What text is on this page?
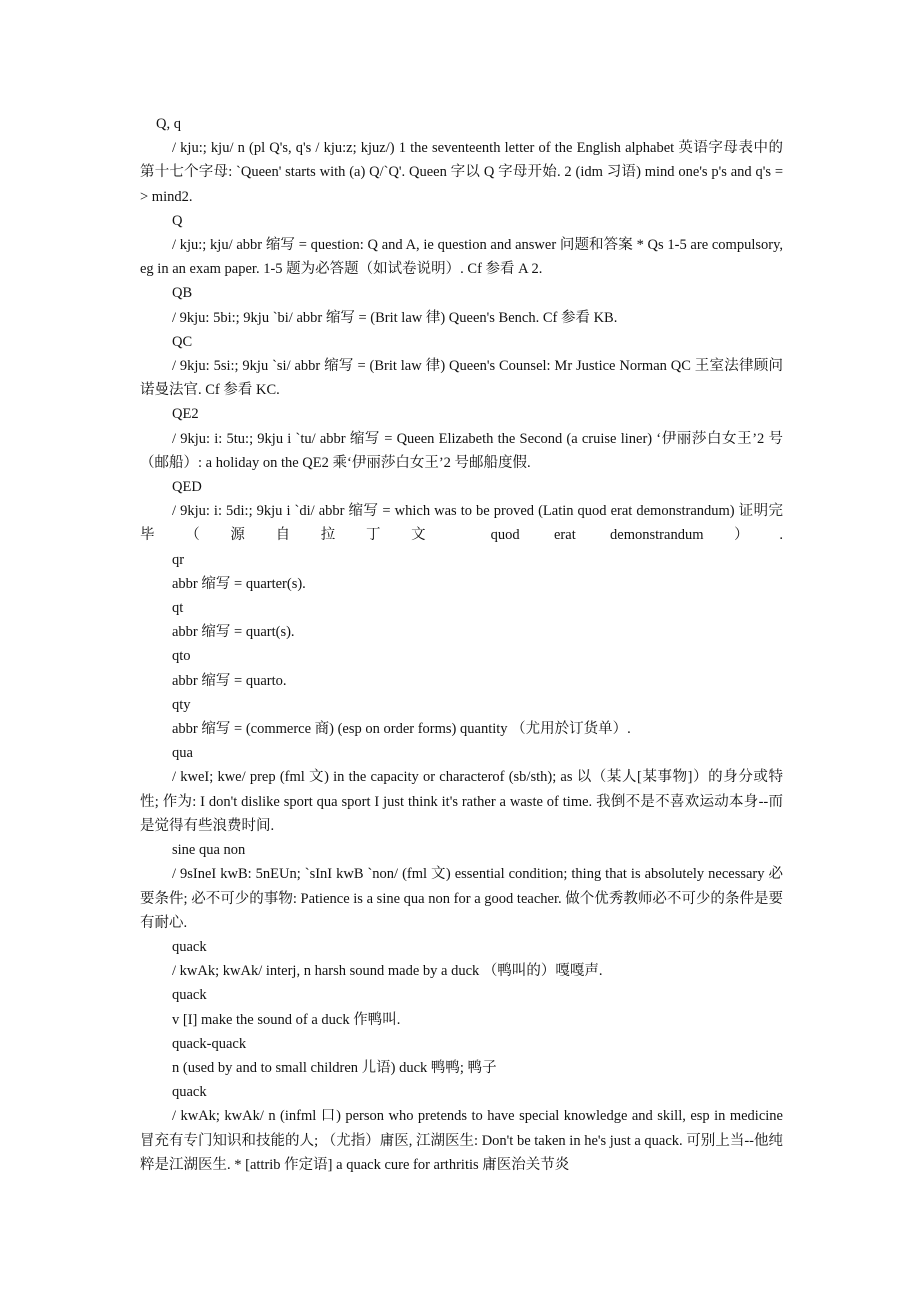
Q, q
/ kju:; kju/ n (pl Q's, q's / kju:z; kjuz/) 1 the seventeenth letter of the English alphabet 英语字母表中的第十七个字母: `Queen' starts with (a) Q/`Q'. Queen 字以 Q 字母开始. 2 (idm 习语) mind one's p's and q's => mind2.
Q
/ kju:; kju/ abbr 缩写 = question: Q and A, ie question and answer 问题和答案 * Qs 1-5 are compulsory, eg in an exam paper. 1-5 题为必答题（如试卷说明）. Cf 参看 A 2.
QB
/ 9kju: 5bi:; 9kju `bi/ abbr 缩写 = (Brit law 律) Queen's Bench. Cf 参看 KB.
QC
/ 9kju: 5si:; 9kju `si/ abbr 缩写 = (Brit law 律) Queen's Counsel: Mr Justice Norman QC 王室法律顾问诺曼法官. Cf 参看 KC.
QE2
/ 9kju: i: 5tu:; 9kju i `tu/ abbr 缩写 = Queen Elizabeth the Second (a cruise liner) ‘伊丽莎白女王’2 号（邮船）: a holiday on the QE2 乘‘伊丽莎白女王’2 号邮船度假.
QED
/ 9kju: i: 5di:; 9kju i `di/ abbr 缩写 = which was to be proved (Latin quod erat demonstrandum) 证明完毕（源自拉丁文 quod erat demonstrandum）.
qr
abbr 缩写 = quarter(s).
qt
abbr 缩写 = quart(s).
qto
abbr 缩写 = quarto.
qty
abbr 缩写 = (commerce 商) (esp on order forms) quantity （尤用於订货单）.
qua
/ kweI; kwe/ prep (fml 文) in the capacity or characterof (sb/sth); as 以（某人[某事物]）的身分或特性; 作为: I don't dislike sport qua sport I just think it's rather a waste of time. 我倒不是不喜欢运动本身--而是觉得有些浪费时间.
sine qua non
/ 9sIneI kwB: 5nEUn; `sInI kwB `non/ (fml 文) essential condition; thing that is absolutely necessary 必要条件; 必不可少的事物: Patience is a sine qua non for a good teacher. 做个优秀教师必不可少的条件是要有耐心.
quack
/ kwAk; kwAk/ interj, n harsh sound made by a duck （鸭叫的）嘎嘎声.
quack
v [I] make the sound of a duck 作鸭叫.
quack-quack
n (used by and to small children 儿语) duck 鸭鸭; 鸭子
quack
/ kwAk; kwAk/ n (infml 口) person who pretends to have special knowledge and skill, esp in medicine 冒充有专门知识和技能的人; （尤指）庸医, 江湖医生: Don't be taken in he's just a quack. 可别上当--他纯粹是江湖医生. * [attrib 作定语] a quack cure for arthritis 庸医治关节炎
